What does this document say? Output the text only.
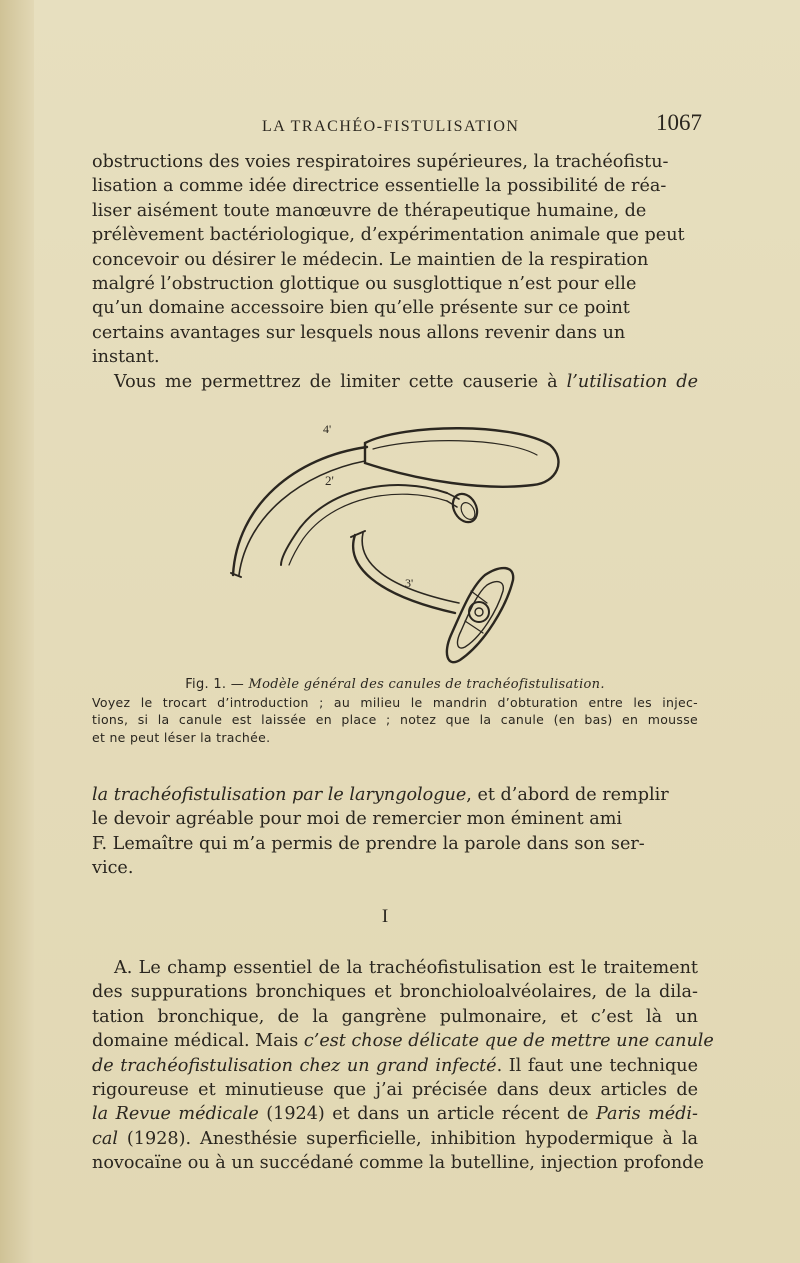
LA TRACHÉO-FISTULISATION	1067
obstructions des voies respiratoires supérieures, la trachéofistu-
lisation a comme idée directrice essentielle la possibilité de réa-
liser aisément toute manœuvre de thérapeutique humaine, de
prélèvement bactériologique, d’expérimentation animale que peut
concevoir ou désirer le médecin. Le maintien de la respiration
malgré l’obstruction glottique ou susglottique n’est pour elle
qu’un domaine accessoire bien qu’elle présente sur ce point
certains avantages sur lesquels nous allons revenir dans un
instant.
Vous me permettrez de limiter cette causerie à l’utilisation de
4'
2'
3'
Fig. 1. — Modèle général des canules de trachéofistulisation.
Voyez le trocart d’introduction ; au milieu le mandrin d’obturation entre les injec-
tions, si la canule est laissée en place ; notez que la canule (en bas) en mousse
et ne peut léser la trachée.
la trachéofistulisation par le laryngologue, et d’abord de remplir
le devoir agréable pour moi de remercier mon éminent ami
F. Lemaître qui m’a permis de prendre la parole dans son ser-
vice.
I
A. Le champ essentiel de la trachéofistulisation est le traitement
des suppurations bronchiques et bronchioloalvéolaires, de la dila-
tation bronchique, de la gangrène pulmonaire, et c’est là un
domaine médical. Mais c’est chose délicate que de mettre une canule
de trachéofistulisation chez un grand infecté. Il faut une technique
rigoureuse et minutieuse que j’ai précisée dans deux articles de
la Revue médicale (1924) et dans un article récent de Paris médi-
cal (1928). Anesthésie superficielle, inhibition hypodermique à la
novocaïne ou à un succédané comme la butelline, injection profonde
